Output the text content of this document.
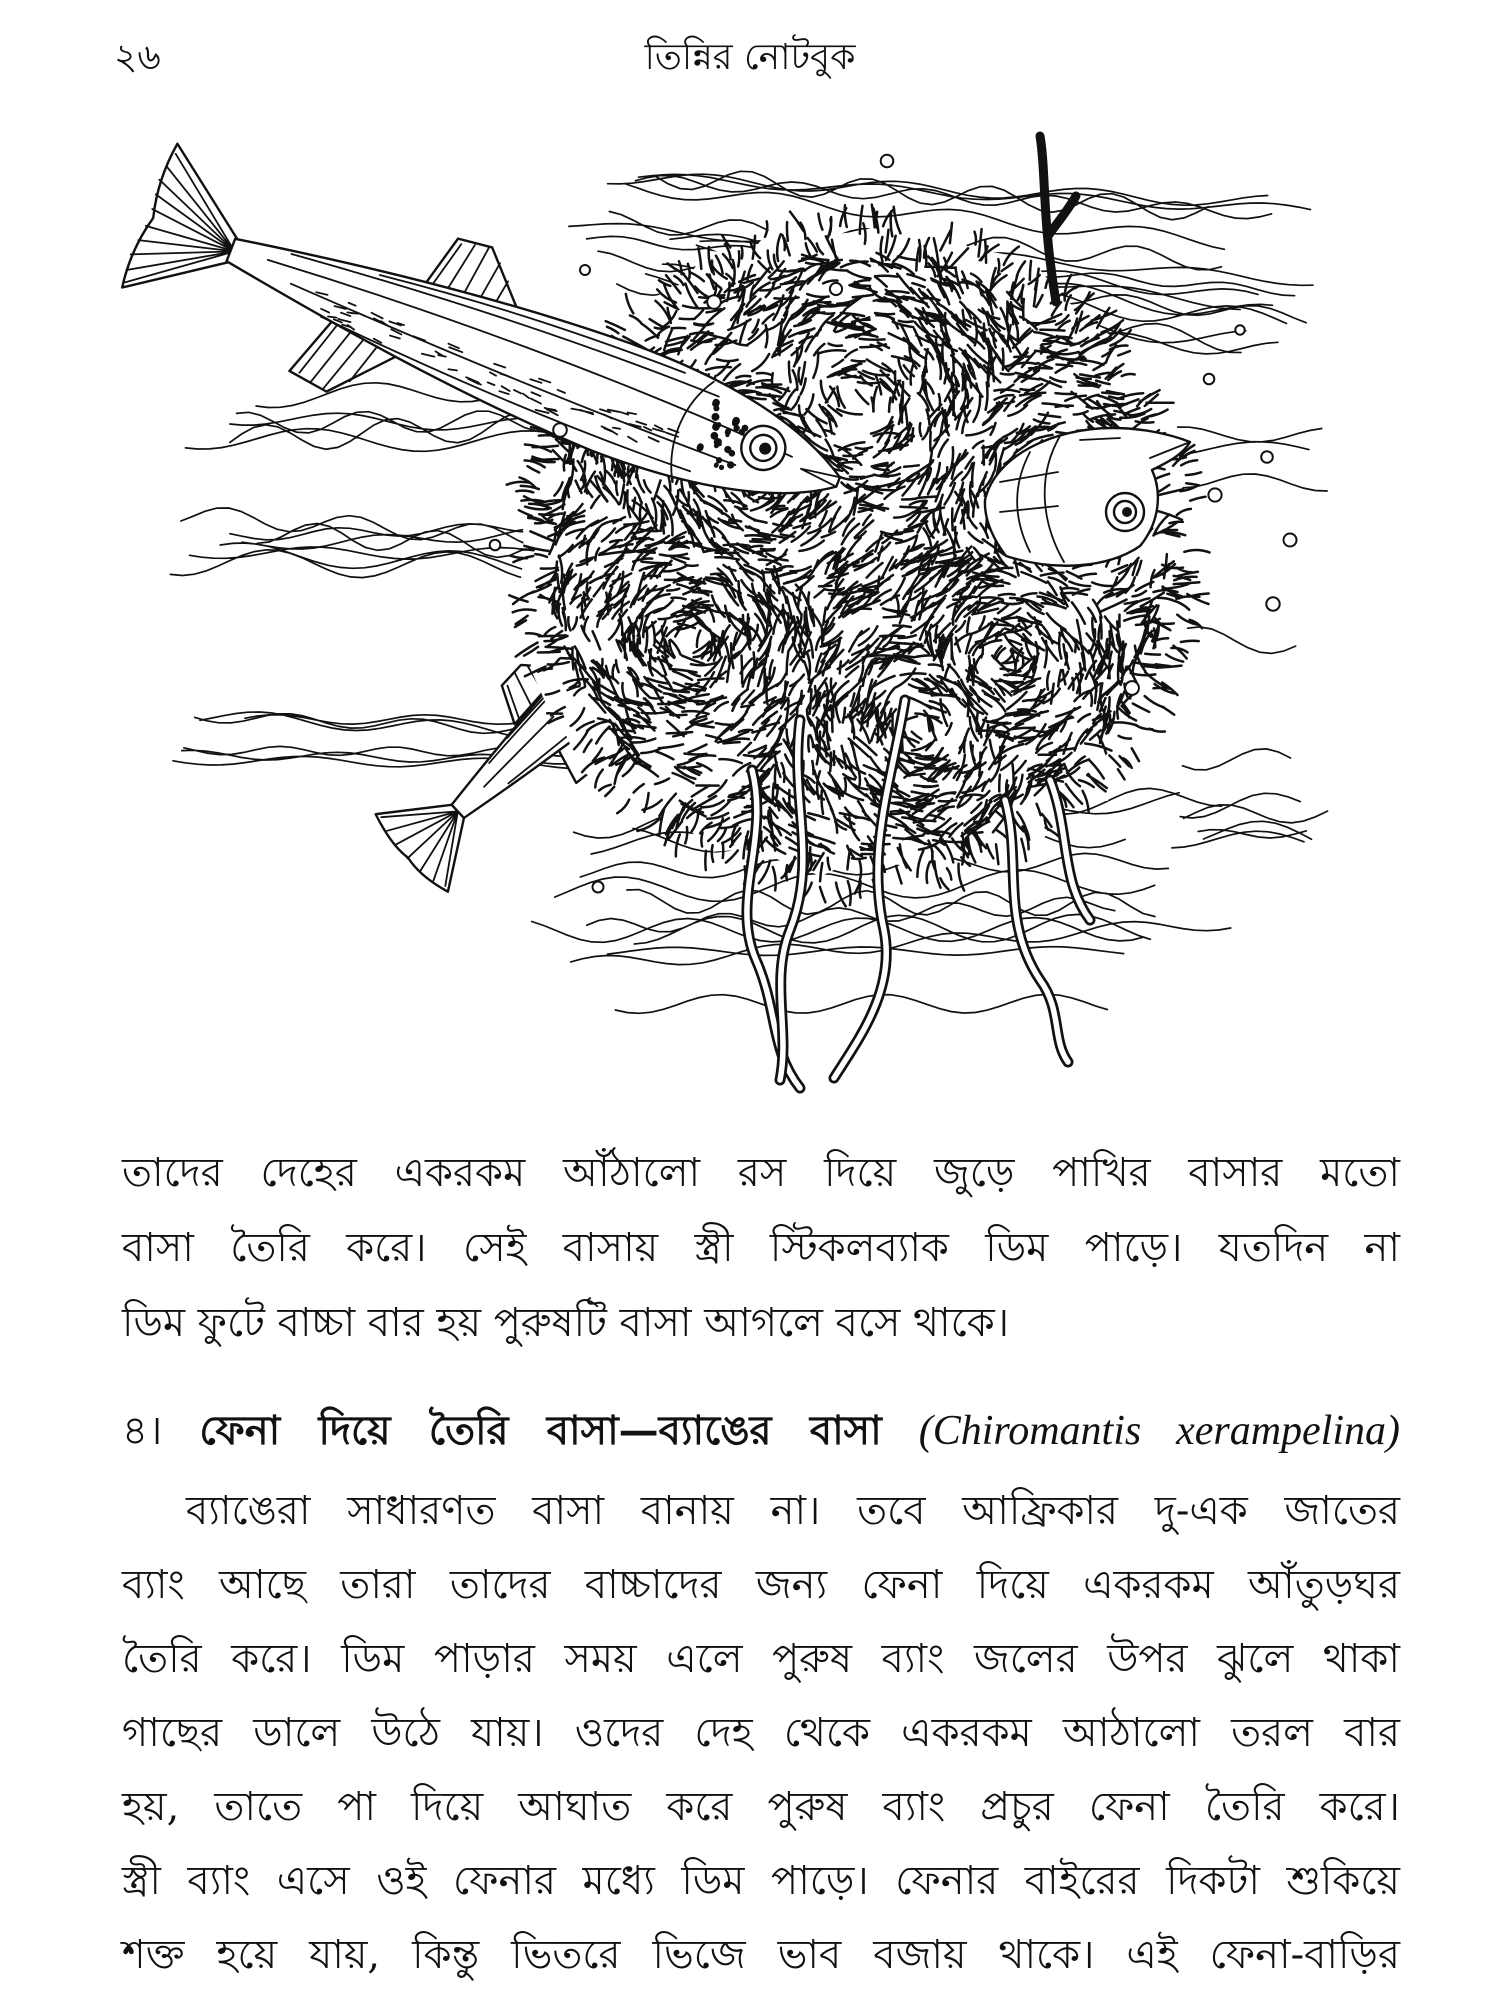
২৬	তিন্নির নোটবুক
তাদের দেহের একরকম আঁঠালো রস দিয়ে জুড়ে পাখির বাসার মতো
বাসা তৈরি করে। সেই বাসায় স্ত্রী স্টিকলব্যাক ডিম পাড়ে। যতদিন না
ডিম ফুটে বাচ্চা বার হয় পুরুষটি বাসা আগলে বসে থাকে।
৪। ফেনা দিয়ে তৈরি বাসা—ব্যাঙের বাসা (Chiromantis xerampelina)
ব্যাঙেরা সাধারণত বাসা বানায় না। তবে আফ্রিকার দু-এক জাতের
ব্যাং আছে তারা তাদের বাচ্চাদের জন্য ফেনা দিয়ে একরকম আঁতুড়ঘর
তৈরি করে। ডিম পাড়ার সময় এলে পুরুষ ব্যাং জলের উপর ঝুলে থাকা
গাছের ডালে উঠে যায়। ওদের দেহ থেকে একরকম আঠালো তরল বার
হয়, তাতে পা দিয়ে আঘাত করে পুরুষ ব্যাং প্রচুর ফেনা তৈরি করে।
স্ত্রী ব্যাং এসে ওই ফেনার মধ্যে ডিম পাড়ে। ফেনার বাইরের দিকটা শুকিয়ে
শক্ত হয়ে যায়, কিন্তু ভিতরে ভিজে ভাব বজায় থাকে। এই ফেনা-বাড়ির
